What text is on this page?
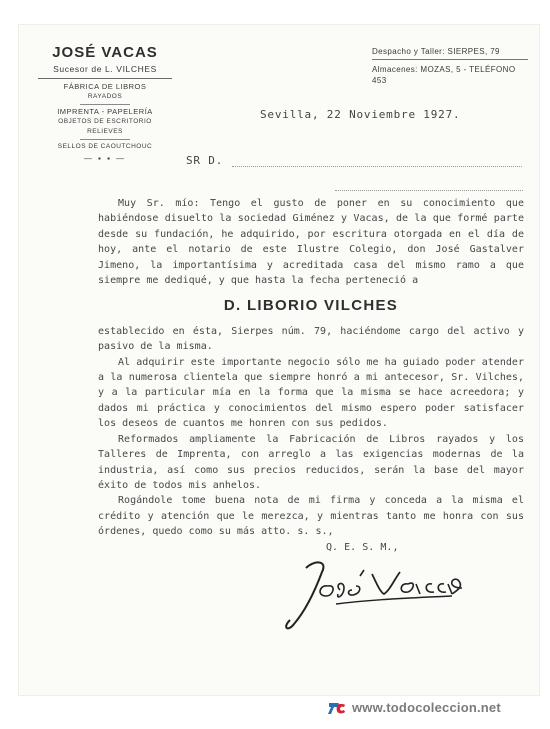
JOSÉ VACAS
Sucesor de L. VILCHES
FÁBRICA DE LIBROS
RAYADOS
IMPRENTA - PAPELERÍA
OBJETOS DE ESCRITORIO
RELIEVES
SELLOS DE CAOUTCHOUC
— ▪ ▪ —
Despacho y Taller: SIERPES, 79
Almacenes: MOZAS, 5 - TELÉFONO 453
Sevilla, 22 Noviembre 1927.
SR D.

Muy Sr. mío: Tengo el gusto de poner en su conocimiento que habiéndose disuelto la sociedad Giménez y Vacas, de la que formé parte desde su fundación, he adquirido, por escritura otorgada en el día de hoy, ante el notario de este Ilustre Colegio, don José Gastalver Jimeno, la importantísima y acreditada casa del mismo ramo a que siempre me dediqué, y que hasta la fecha perteneció a

D. LIBORIO VILCHES

establecido en ésta, Sierpes núm. 79, haciéndome cargo del activo y pasivo de la misma.

Al adquirir este importante negocio sólo me ha guiado poder atender a la numerosa clientela que siempre honró a mi antecesor, Sr. Vilches, y a la particular mía en la forma que la misma se hace acreedora; y dados mi práctica y conocimientos del mismo espero poder satisfacer los deseos de cuantos me honren con sus pedidos.

Reformados ampliamente la Fabricación de Libros rayados y los Talleres de Imprenta, con arreglo a las exigencias modernas de la industria, así como sus precios reducidos, serán la base del mayor éxito de todos mis anhelos.

Rogándole tome buena nota de mi firma y conceda a la misma el crédito y atención que le merezca, y mientras tanto me honra con sus órdenes, quedo como su más atto. s. s.,

Q. E. S. M.,

www.todocoleccion.net
